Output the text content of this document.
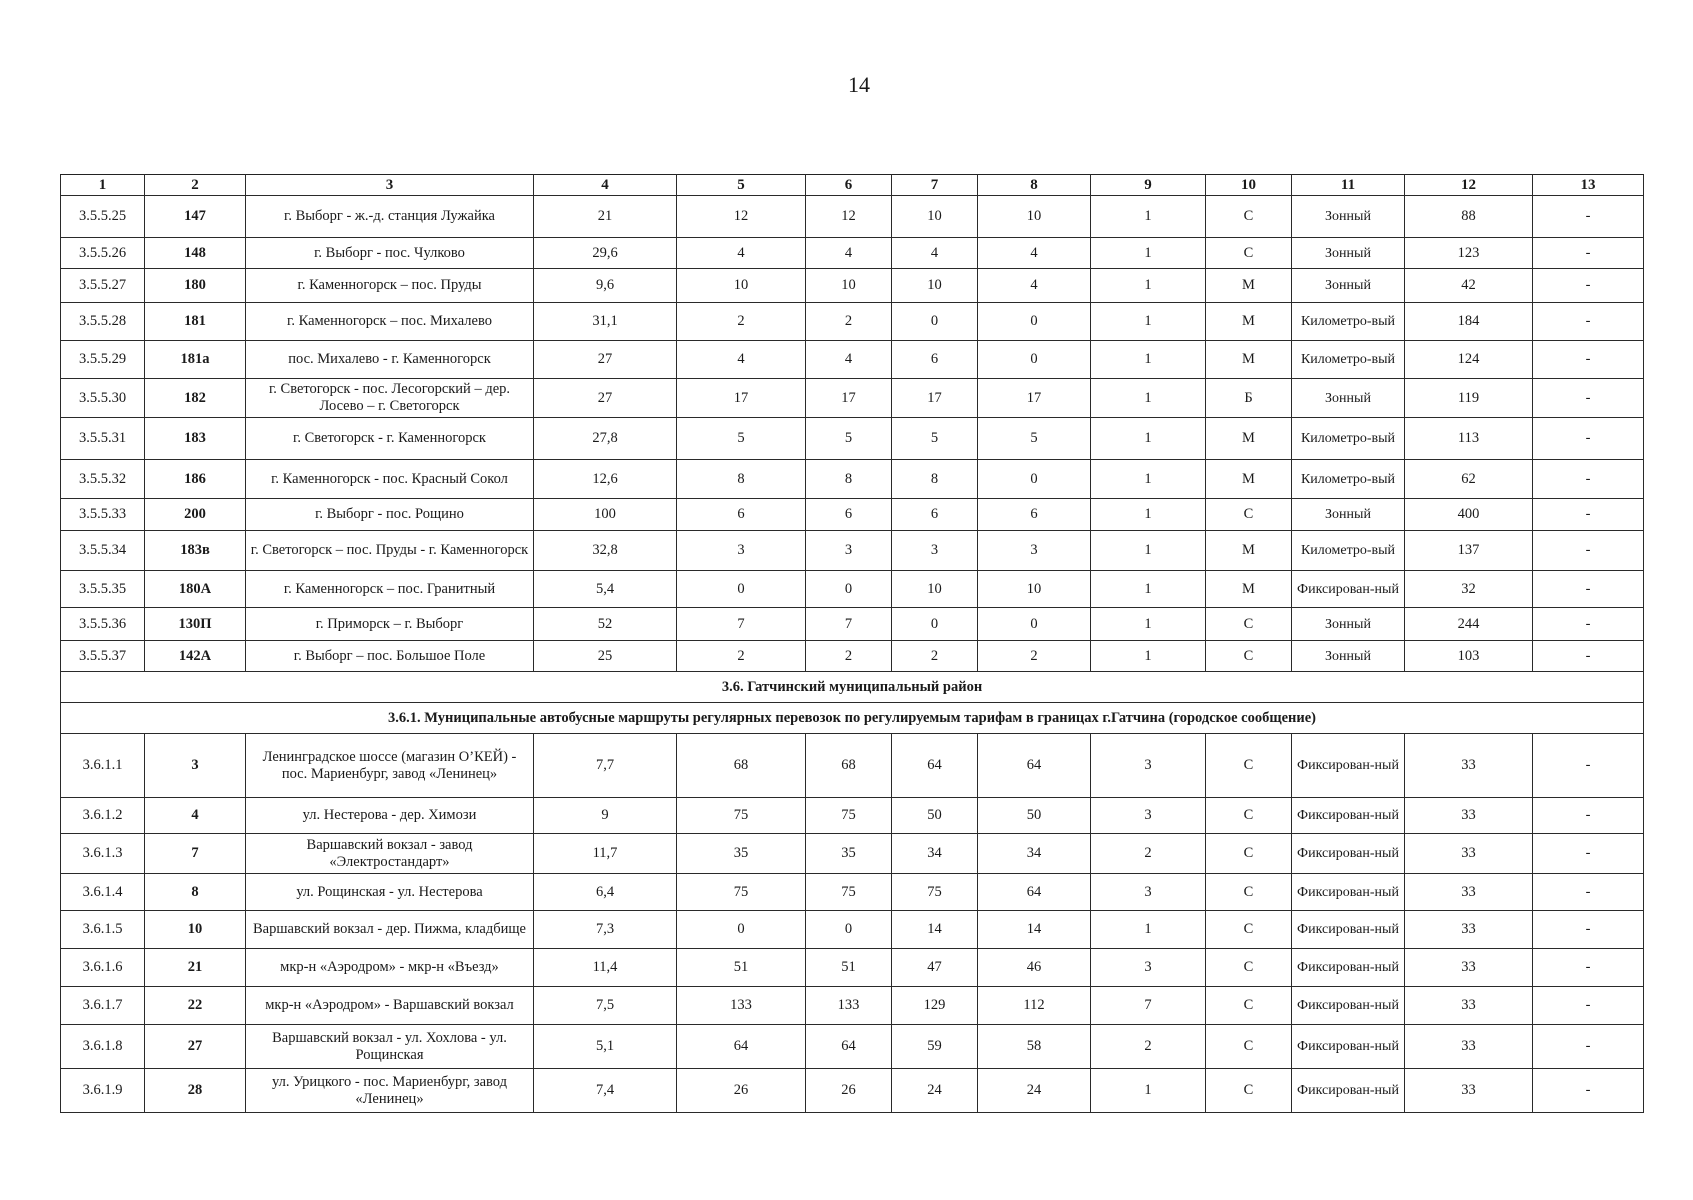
14
1	2	3	4	5	6	7	8	9	10	11	12	13
3.5.5.25	147	г. Выборг - ж.-д. станция Лужайка	21	12	12	10	10	1	С	Зонный	88	-
3.5.5.26	148	г. Выборг - пос. Чулково	29,6	4	4	4	4	1	С	Зонный	123	-
3.5.5.27	180	г. Каменногорск – пос. Пруды	9,6	10	10	10	4	1	М	Зонный	42	-
3.5.5.28	181	г. Каменногорск – пос. Михалево	31,1	2	2	0	0	1	М	Километро-вый	184	-
3.5.5.29	181а	пос. Михалево - г. Каменногорск	27	4	4	6	0	1	М	Километро-вый	124	-
3.5.5.30	182	г. Светогорск - пос. Лесогорский – дер. Лосево – г. Светогорск	27	17	17	17	17	1	Б	Зонный	119	-
3.5.5.31	183	г. Светогорск - г. Каменногорск	27,8	5	5	5	5	1	М	Километро-вый	113	-
3.5.5.32	186	г. Каменногорск - пос. Красный Сокол	12,6	8	8	8	0	1	М	Километро-вый	62	-
3.5.5.33	200	г. Выборг - пос. Рощино	100	6	6	6	6	1	С	Зонный	400	-
3.5.5.34	183в	г. Светогорск – пос. Пруды - г. Каменногорск	32,8	3	3	3	3	1	М	Километро-вый	137	-
3.5.5.35	180А	г. Каменногорск – пос. Гранитный	5,4	0	0	10	10	1	М	Фиксирован-ный	32	-
3.5.5.36	130П	г. Приморск – г. Выборг	52	7	7	0	0	1	С	Зонный	244	-
3.5.5.37	142А	г. Выборг – пос. Большое Поле	25	2	2	2	2	1	С	Зонный	103	-
3.6. Гатчинский муниципальный район												
3.6.1. Муниципальные автобусные маршруты регулярных перевозок по регулируемым тарифам в границах г.Гатчина (городское сообщение)												
3.6.1.1	3	Ленинградское шоссе (магазин О’КЕЙ) - пос. Мариенбург, завод «Ленинец»	7,7	68	68	64	64	3	С	Фиксирован-ный	33	-
3.6.1.2	4	ул. Нестерова - дер. Химози	9	75	75	50	50	3	С	Фиксирован-ный	33	-
3.6.1.3	7	Варшавский вокзал - завод «Электростандарт»	11,7	35	35	34	34	2	С	Фиксирован-ный	33	-
3.6.1.4	8	ул. Рощинская - ул. Нестерова	6,4	75	75	75	64	3	С	Фиксирован-ный	33	-
3.6.1.5	10	Варшавский вокзал - дер. Пижма, кладбище	7,3	0	0	14	14	1	С	Фиксирован-ный	33	-
3.6.1.6	21	мкр-н «Аэродром» - мкр-н «Въезд»	11,4	51	51	47	46	3	С	Фиксирован-ный	33	-
3.6.1.7	22	мкр-н «Аэродром» - Варшавский вокзал	7,5	133	133	129	112	7	С	Фиксирован-ный	33	-
3.6.1.8	27	Варшавский вокзал - ул. Хохлова - ул. Рощинская	5,1	64	64	59	58	2	С	Фиксирован-ный	33	-
3.6.1.9	28	ул. Урицкого - пос. Мариенбург, завод «Ленинец»	7,4	26	26	24	24	1	С	Фиксирован-ный	33	-
